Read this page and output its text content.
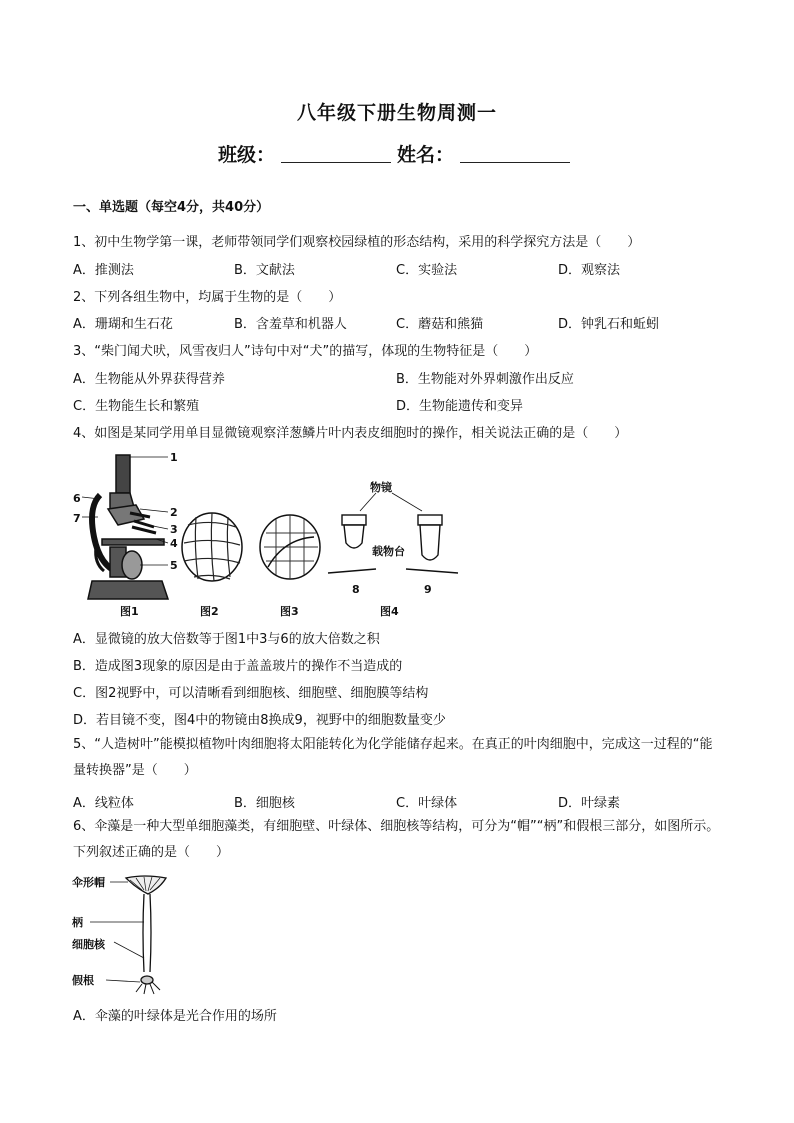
八年级下册生物周测一
班级：	姓名：
一、单选题（每空4分，共40分）
1、初中生物学第一课，老师带领同学们观察校园绿植的形态结构，采用的科学探究方法是（　　）
A．推测法	B．文献法	C．实验法	D．观察法
2、下列各组生物中，均属于生物的是（　　）
A．珊瑚和生石花	B．含羞草和机器人	C．蘑菇和熊猫	D．钟乳石和蚯蚓
3、“柴门闻犬吠，风雪夜归人”诗句中对“犬”的描写，体现的生物特征是（　　）
A．生物能从外界获得营养	B．生物能对外界刺激作出反应
C．生物能生长和繁殖	D．生物能遗传和变异
4、如图是某同学用单目显微镜观察洋葱鳞片叶内表皮细胞时的操作，相关说法正确的是（　　）
1
2
3
4
5
6
7
物镜
载物台
8	9
图1	图2	图3	图4
A．显微镜的放大倍数等于图1中3与6的放大倍数之积
B．造成图3现象的原因是由于盖盖玻片的操作不当造成的
C．图2视野中，可以清晰看到细胞核、细胞壁、细胞膜等结构
D．若目镜不变，图4中的物镜由8换成9，视野中的细胞数量变少
5、“人造树叶”能模拟植物叶肉细胞将太阳能转化为化学能储存起来。在真正的叶肉细胞中，完成这一过程的“能量转换器”是（　　）
A．线粒体	B．细胞核	C．叶绿体	D．叶绿素
6、伞藻是一种大型单细胞藻类，有细胞壁、叶绿体、细胞核等结构，可分为“帽”“柄”和假根三部分，如图所示。下列叙述正确的是（　　）
伞形帽
柄
细胞核
假根
A．伞藻的叶绿体是光合作用的场所
